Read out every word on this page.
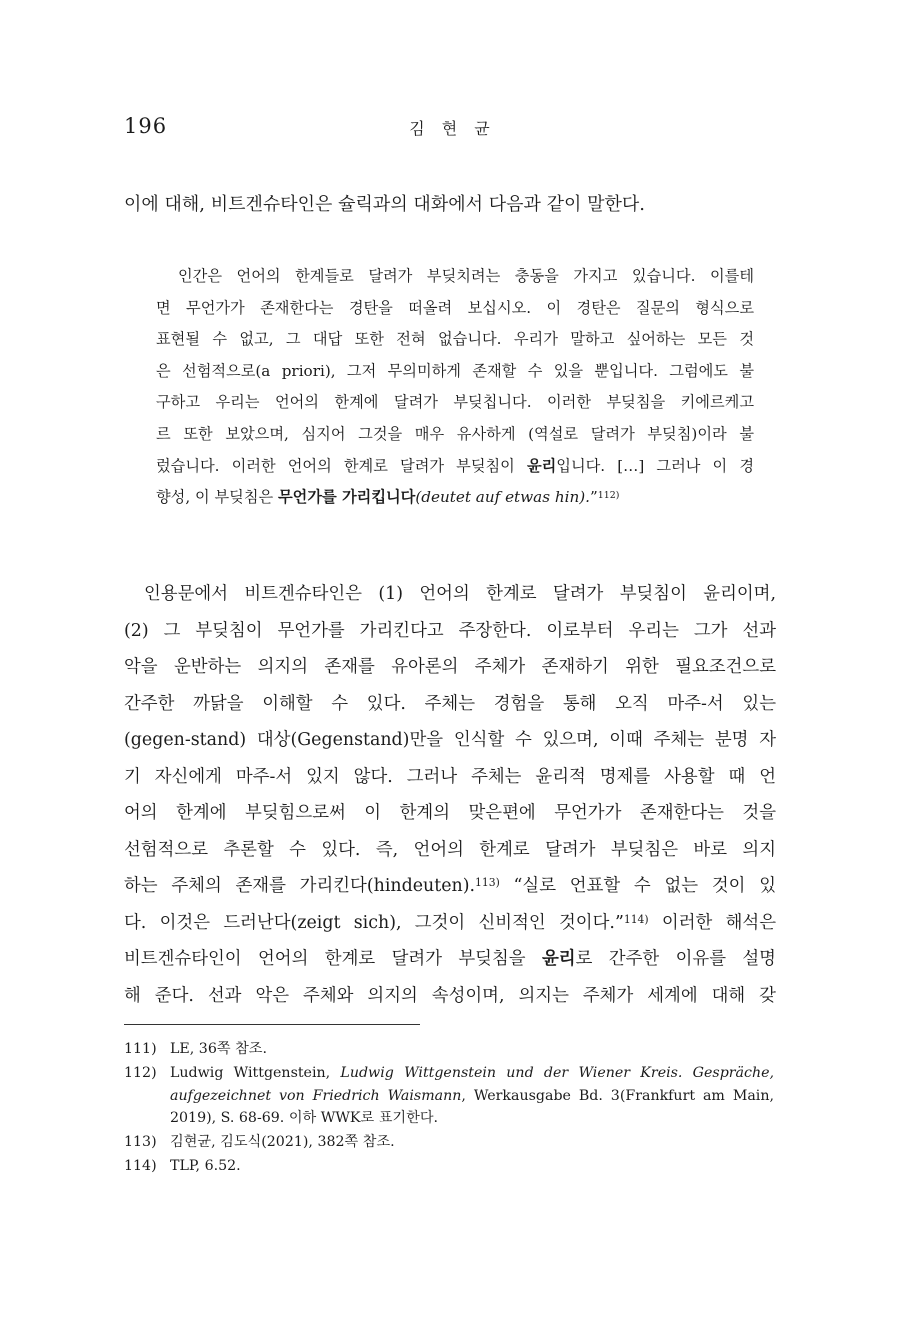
196	김 현 균
이에 대해, 비트겐슈타인은 슐릭과의 대화에서 다음과 같이 말한다.
인간은 언어의 한계들로 달려가 부딪치려는 충동을 가지고 있습니다. 이를테
면 무언가가 존재한다는 경탄을 떠올려 보십시오. 이 경탄은 질문의 형식으로
표현될 수 없고, 그 대답 또한 전혀 없습니다. 우리가 말하고 싶어하는 모든 것
은 선험적으로(a priori), 그저 무의미하게 존재할 수 있을 뿐입니다. 그럼에도 불
구하고 우리는 언어의 한계에 달려가 부딪칩니다. 이러한 부딪침을 키에르케고
르 또한 보았으며, 심지어 그것을 매우 유사하게 (역설로 달려가 부딪침)이라 불
렀습니다. 이러한 언어의 한계로 달려가 부딪침이 윤리입니다. […] 그러나 이 경
향성, 이 부딪침은 무언가를 가리킵니다(deutet auf etwas hin).”$^{112)}$
인용문에서 비트겐슈타인은 (1) 언어의 한계로 달려가 부딪침이 윤리이며,
(2) 그 부딪침이 무언가를 가리킨다고 주장한다. 이로부터 우리는 그가 선과
악을 운반하는 의지의 존재를 유아론의 주체가 존재하기 위한 필요조건으로
간주한 까닭을 이해할 수 있다. 주체는 경험을 통해 오직 마주-서 있는
(gegen-stand) 대상(Gegenstand)만을 인식할 수 있으며, 이때 주체는 분명 자
기 자신에게 마주-서 있지 않다. 그러나 주체는 윤리적 명제를 사용할 때 언
어의 한계에 부딪힘으로써 이 한계의 맞은편에 무언가가 존재한다는 것을
선험적으로 추론할 수 있다. 즉, 언어의 한계로 달려가 부딪침은 바로 의지
하는 주체의 존재를 가리킨다(hindeuten).$^{113)}$ “실로 언표할 수 없는 것이 있
다. 이것은 드러난다(zeigt sich), 그것이 신비적인 것이다.”$^{114)}$ 이러한 해석은
비트겐슈타인이 언어의 한계로 달려가 부딪침을 윤리로 간주한 이유를 설명
해 준다. 선과 악은 주체와 의지의 속성이며, 의지는 주체가 세계에 대해 갖
111) LE, 36쪽 참조.
112) Ludwig Wittgenstein, Ludwig Wittgenstein und der Wiener Kreis. Gespräche,
aufgezeichnet von Friedrich Waismann, Werkausgabe Bd. 3(Frankfurt am Main,
2019), S. 68-69. 이하 WWK로 표기한다.
113) 김현균, 김도식(2021), 382쪽 참조.
114) TLP, 6.52.
